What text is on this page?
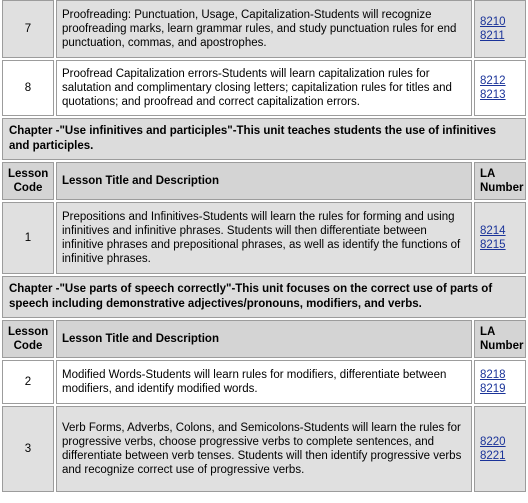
7	Proofreading: Punctuation, Usage, Capitalization-Students will recognize proofreading marks, learn grammar rules, and study punctuation rules for end punctuation, commas, and apostrophes.	8210
8211

8	Proofread Capitalization errors-Students will learn capitalization rules for salutation and complimentary closing letters; capitalization rules for titles and quotations; and proofread and correct capitalization errors.	8212
8213

Chapter -"Use infinitives and participles"-This unit teaches students the use of infinitives and participles.		
Lesson Code	Lesson Title and Description	LA Number
1	Prepositions and Infinitives-Students will learn the rules for forming and using infinitives and infinitive phrases. Students will then differentiate between infinitive phrases and prepositional phrases, as well as identify the functions of infinitive phrases.	8214
8215

Chapter -"Use parts of speech correctly"-This unit focuses on the correct use of parts of speech including demonstrative adjectives/pronouns, modifiers, and verbs.		
Lesson Code	Lesson Title and Description	LA Number
2	Modified Words-Students will learn rules for modifiers, differentiate between modifiers, and identify modified words.	8218
8219

3	Verb Forms, Adverbs, Colons, and Semicolons-Students will learn the rules for progressive verbs, choose progressive verbs to complete sentences, and differentiate between verb tenses. Students will then identify progressive verbs and recognize correct use of progressive verbs.	8220
8221
